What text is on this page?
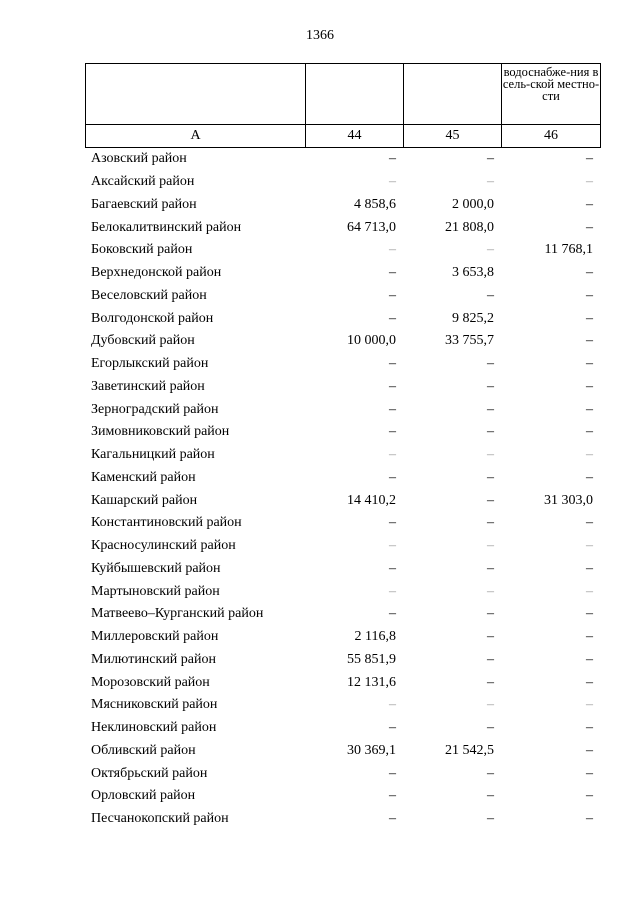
1366
			водоснабже-ния в сель-ской местно-сти
А	44	45	46
Азовский район	–	–	–
Аксайский район	–	–	–
Багаевский район	4 858,6	2 000,0	–
Белокалитвинский район	64 713,0	21 808,0	–
Боковский район	–	–	11 768,1
Верхнедонской район	–	3 653,8	–
Веселовский район	–	–	–
Волгодонской район	–	9 825,2	–
Дубовский район	10 000,0	33 755,7	–
Егорлыкский район	–	–	–
Заветинский район	–	–	–
Зерноградский район	–	–	–
Зимовниковский район	–	–	–
Кагальницкий район	–	–	–
Каменский район	–	–	–
Кашарский район	14 410,2	–	31 303,0
Константиновский район	–	–	–
Красносулинский район	–	–	–
Куйбышевский район	–	–	–
Мартыновский район	–	–	–
Матвеево–Курганский район	–	–	–
Миллеровский район	2 116,8	–	–
Милютинский район	55 851,9	–	–
Морозовский район	12 131,6	–	–
Мясниковский район	–	–	–
Неклиновский район	–	–	–
Обливский район	30 369,1	21 542,5	–
Октябрьский район	–	–	–
Орловский район	–	–	–
Песчанокопский район	–	–	–
